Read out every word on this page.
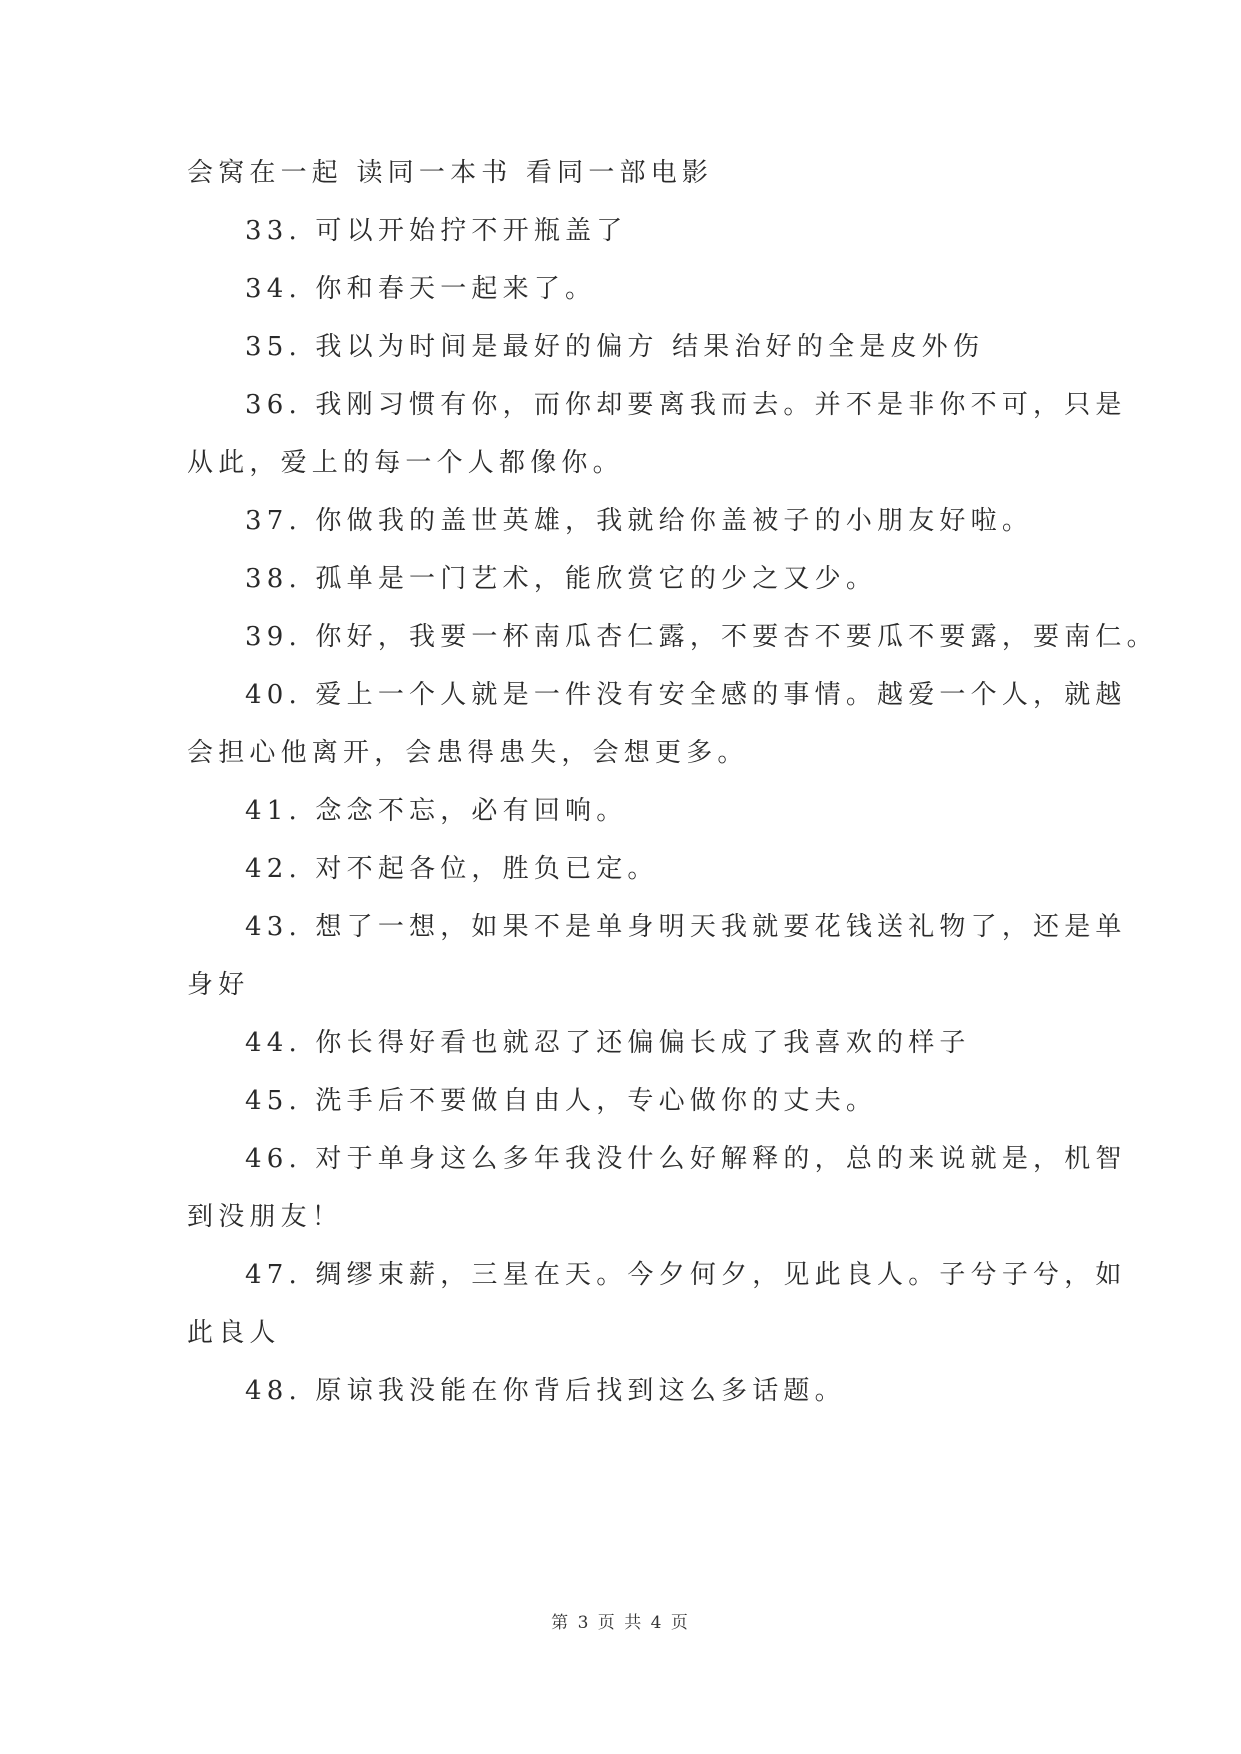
会窝在一起 读同一本书 看同一部电影
33. 可以开始拧不开瓶盖了
34. 你和春天一起来了。
35. 我以为时间是最好的偏方 结果治好的全是皮外伤
36. 我刚习惯有你，而你却要离我而去。并不是非你不可，只是
从此，爱上的每一个人都像你。
37. 你做我的盖世英雄，我就给你盖被子的小朋友好啦。
38. 孤单是一门艺术，能欣赏它的少之又少。
39. 你好，我要一杯南瓜杏仁露，不要杏不要瓜不要露，要南仁。
40. 爱上一个人就是一件没有安全感的事情。越爱一个人，就越
会担心他离开，会患得患失，会想更多。
41. 念念不忘，必有回响。
42. 对不起各位，胜负已定。
43. 想了一想，如果不是单身明天我就要花钱送礼物了，还是单
身好
44. 你长得好看也就忍了还偏偏长成了我喜欢的样子
45. 洗手后不要做自由人，专心做你的丈夫。
46. 对于单身这么多年我没什么好解释的，总的来说就是，机智
到没朋友！
47. 绸缪束薪，三星在天。今夕何夕，见此良人。子兮子兮，如
此良人
48. 原谅我没能在你背后找到这么多话题。
第 3 页 共 4 页
